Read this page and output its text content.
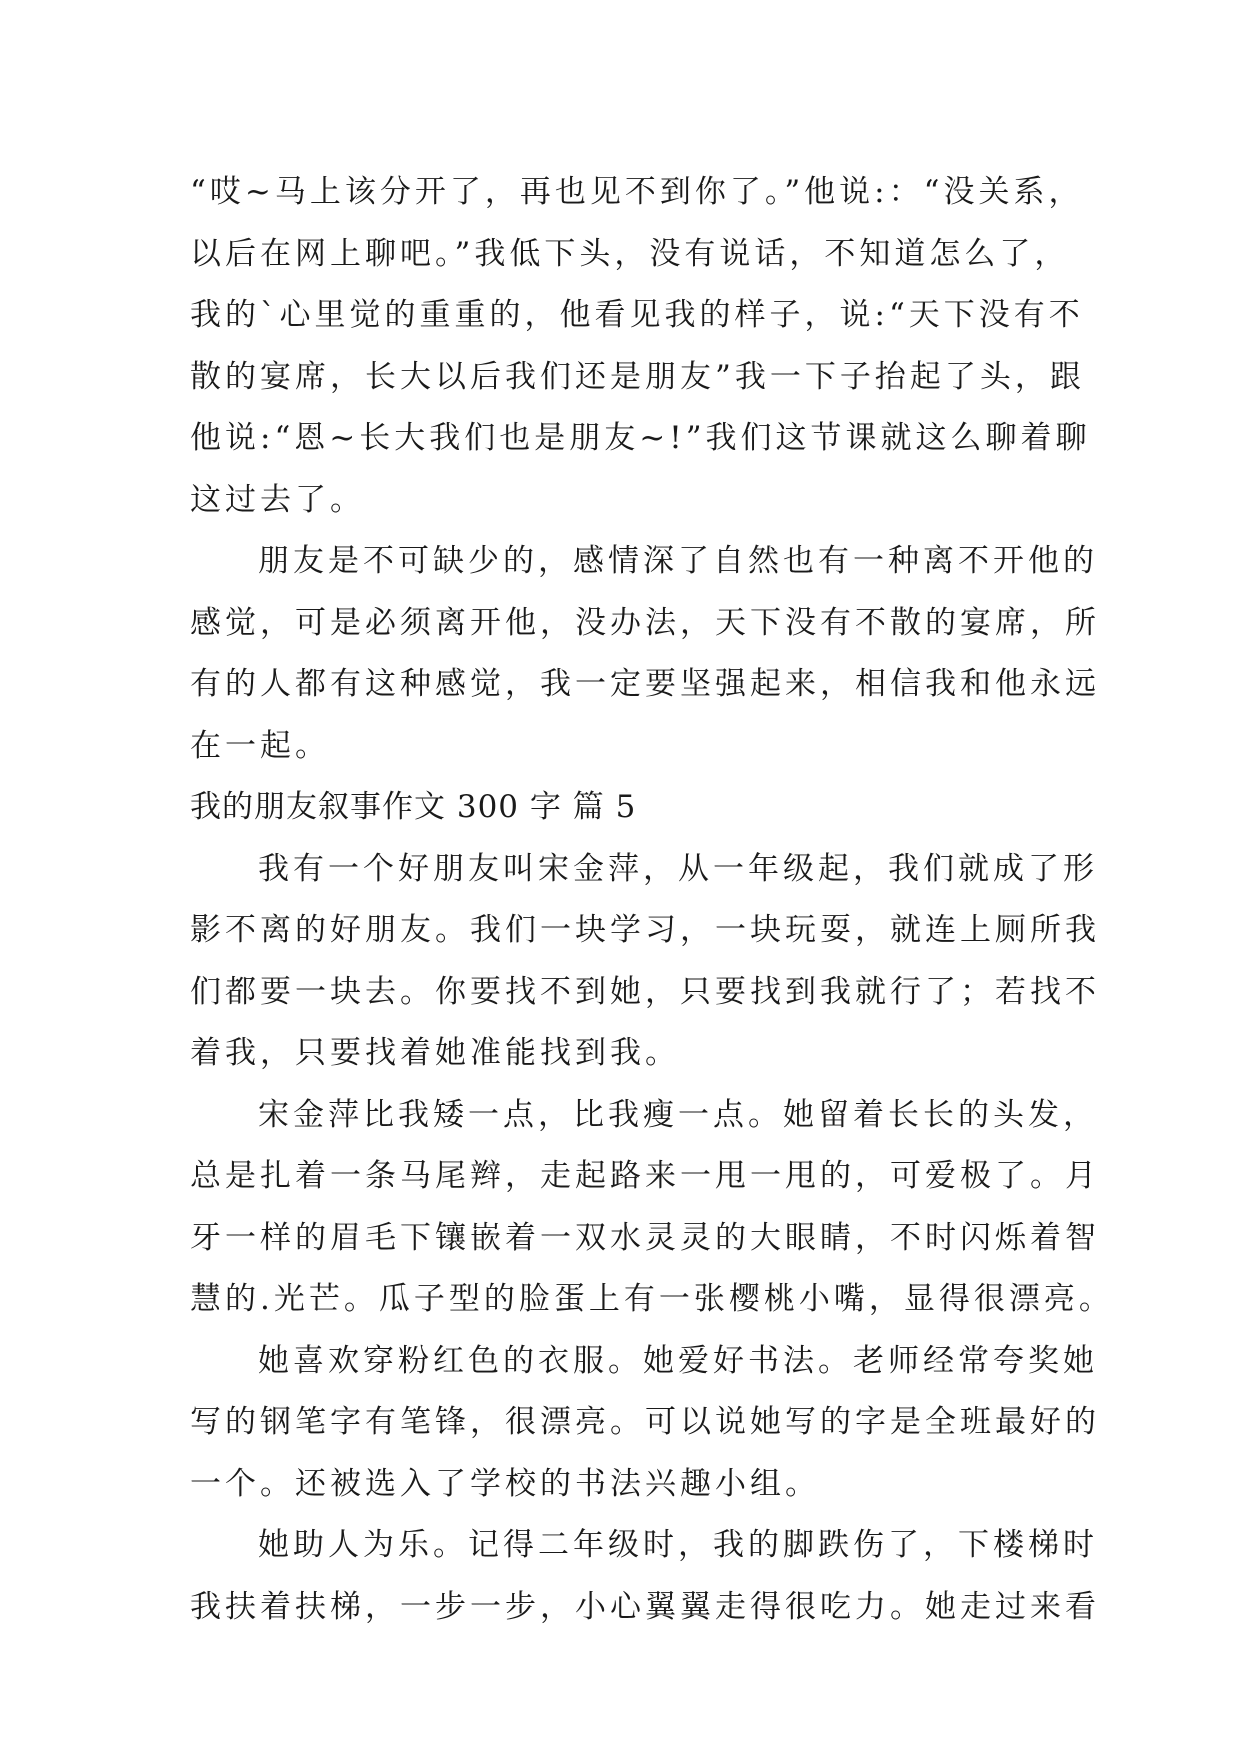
“哎~马上该分开了，再也见不到你了。”他说:：“没关系，
以后在网上聊吧。”我低下头，没有说话，不知道怎么了，
我的`心里觉的重重的，他看见我的样子，说:“天下没有不
散的宴席，长大以后我们还是朋友”我一下子抬起了头，跟
他说:“恩~长大我们也是朋友~!”我们这节课就这么聊着聊
这过去了。
朋友是不可缺少的，感情深了自然也有一种离不开他的
感觉，可是必须离开他，没办法，天下没有不散的宴席，所
有的人都有这种感觉，我一定要坚强起来，相信我和他永远
在一起。
我的朋友叙事作文 300 字 篇 5
我有一个好朋友叫宋金萍，从一年级起，我们就成了形
影不离的好朋友。我们一块学习，一块玩耍，就连上厕所我
们都要一块去。你要找不到她，只要找到我就行了；若找不
着我，只要找着她准能找到我。
宋金萍比我矮一点，比我瘦一点。她留着长长的头发，
总是扎着一条马尾辫，走起路来一甩一甩的，可爱极了。月
牙一样的眉毛下镶嵌着一双水灵灵的大眼睛，不时闪烁着智
慧的.光芒。瓜子型的脸蛋上有一张樱桃小嘴，显得很漂亮。
她喜欢穿粉红色的衣服。她爱好书法。老师经常夸奖她
写的钢笔字有笔锋，很漂亮。可以说她写的字是全班最好的
一个。还被选入了学校的书法兴趣小组。
她助人为乐。记得二年级时，我的脚跌伤了，下楼梯时
我扶着扶梯，一步一步，小心翼翼走得很吃力。她走过来看
